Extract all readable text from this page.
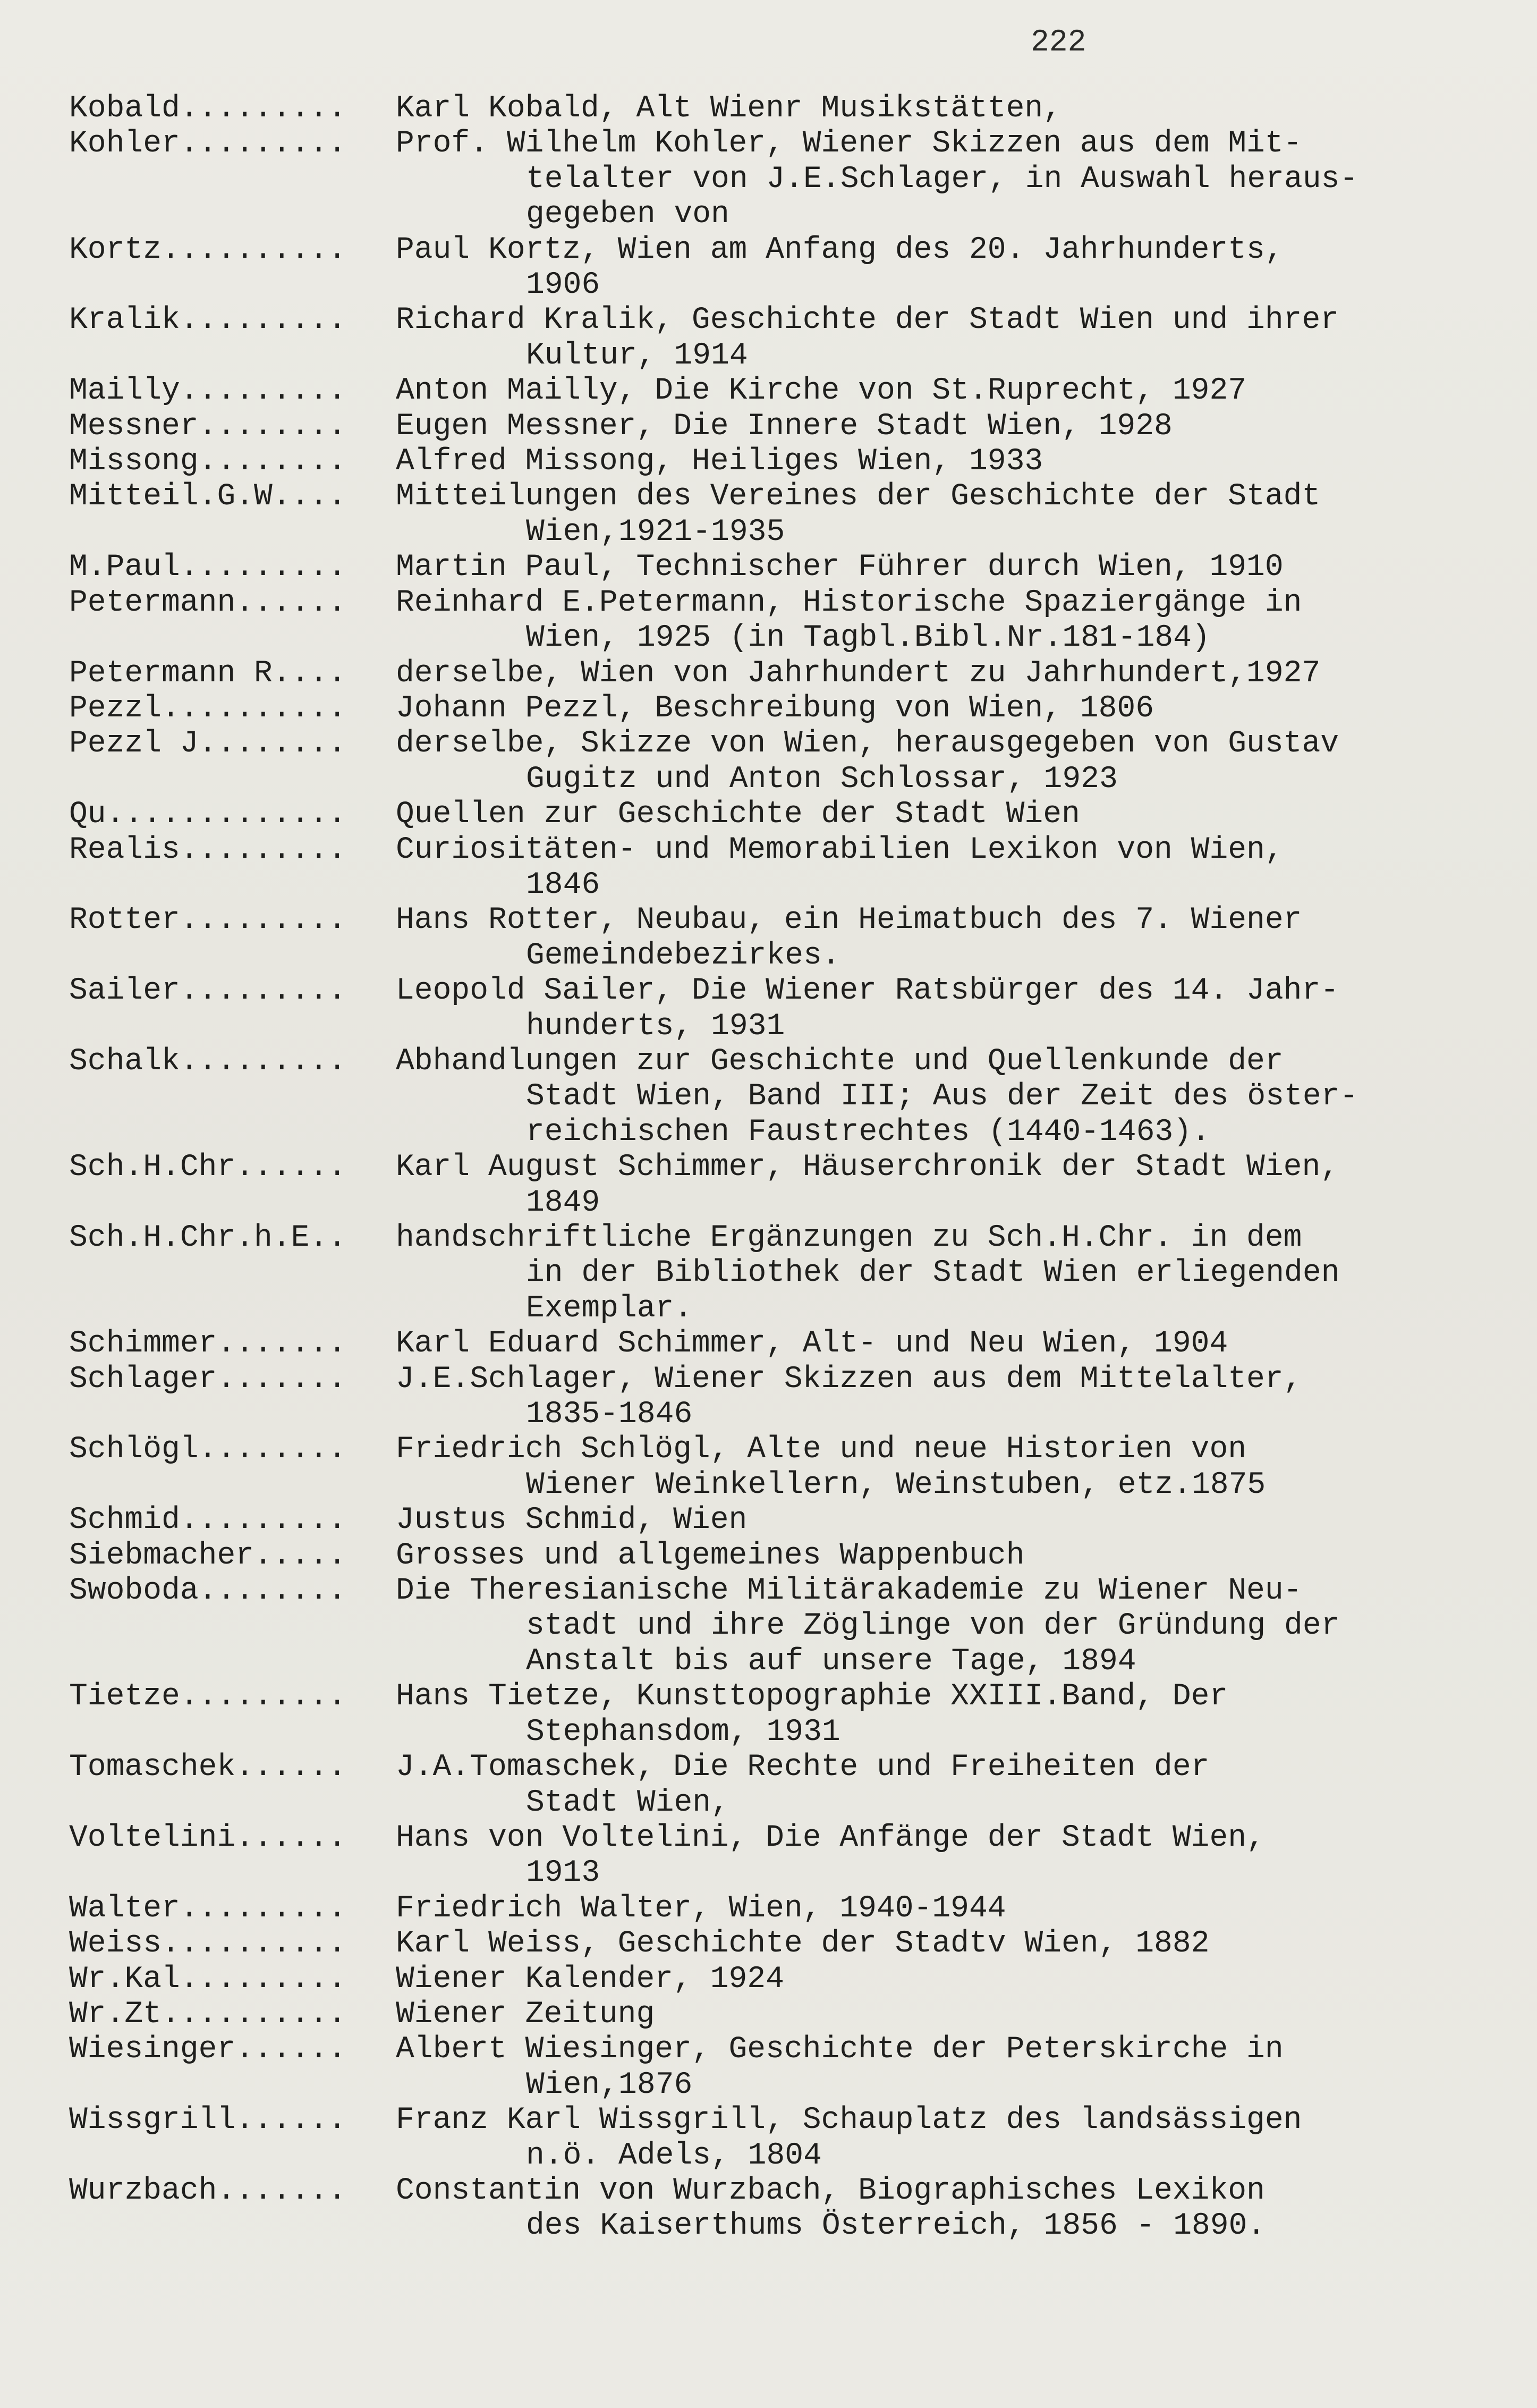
222
Kobald.........	Karl Kobald, Alt Wienr Musikstätten,
Kohler.........	Prof. Wilhelm Kohler, Wiener Skizzen aus dem Mit-
telalter von J.E.Schlager, in Auswahl heraus-
gegeben von
Kortz..........	Paul Kortz, Wien am Anfang des 20. Jahrhunderts,
1906
Kralik.........	Richard Kralik, Geschichte der Stadt Wien und ihrer
Kultur, 1914
Mailly.........	Anton Mailly, Die Kirche von St.Ruprecht, 1927
Messner........	Eugen Messner, Die Innere Stadt Wien, 1928
Missong........	Alfred Missong, Heiliges Wien, 1933
Mitteil.G.W....	Mitteilungen des Vereines der Geschichte der Stadt
Wien,1921-1935
M.Paul.........	Martin Paul, Technischer Führer durch Wien, 1910
Petermann......	Reinhard E.Petermann, Historische Spaziergänge in
Wien, 1925 (in Tagbl.Bibl.Nr.181-184)
Petermann R....	derselbe, Wien von Jahrhundert zu Jahrhundert,1927
Pezzl..........	Johann Pezzl, Beschreibung von Wien, 1806
Pezzl J........	derselbe, Skizze von Wien, herausgegeben von Gustav
Gugitz und Anton Schlossar, 1923
Qu.............	Quellen zur Geschichte der Stadt Wien
Realis.........	Curiositäten- und Memorabilien Lexikon von Wien,
1846
Rotter.........	Hans Rotter, Neubau, ein Heimatbuch des 7. Wiener
Gemeindebezirkes.
Sailer.........	Leopold Sailer, Die Wiener Ratsbürger des 14. Jahr-
hunderts, 1931
Schalk.........	Abhandlungen zur Geschichte und Quellenkunde der
Stadt Wien, Band III; Aus der Zeit des öster-
reichischen Faustrechtes (1440-1463).
Sch.H.Chr......	Karl August Schimmer, Häuserchronik der Stadt Wien,
1849
Sch.H.Chr.h.E..	handschriftliche Ergänzungen zu Sch.H.Chr. in dem
in der Bibliothek der Stadt Wien erliegenden
Exemplar.
Schimmer.......	Karl Eduard Schimmer, Alt- und Neu Wien, 1904
Schlager.......	J.E.Schlager, Wiener Skizzen aus dem Mittelalter,
1835-1846
Schlögl........	Friedrich Schlögl, Alte und neue Historien von
Wiener Weinkellern, Weinstuben, etz.1875
Schmid.........	Justus Schmid, Wien
Siebmacher.....	Grosses und allgemeines Wappenbuch
Swoboda........	Die Theresianische Militärakademie zu Wiener Neu-
stadt und ihre Zöglinge von der Gründung der
Anstalt bis auf unsere Tage, 1894
Tietze.........	Hans Tietze, Kunsttopographie XXIII.Band, Der
Stephansdom, 1931
Tomaschek......	J.A.Tomaschek, Die Rechte und Freiheiten der
Stadt Wien,
Voltelini......	Hans von Voltelini, Die Anfänge der Stadt Wien,
1913
Walter.........	Friedrich Walter, Wien, 1940-1944
Weiss..........	Karl Weiss, Geschichte der Stadtv Wien, 1882
Wr.Kal.........	Wiener Kalender, 1924
Wr.Zt..........	Wiener Zeitung
Wiesinger......	Albert Wiesinger, Geschichte der Peterskirche in
Wien,1876
Wissgrill......	Franz Karl Wissgrill, Schauplatz des landsässigen
n.ö. Adels, 1804
Wurzbach.......	Constantin von Wurzbach, Biographisches Lexikon
des Kaiserthums Österreich, 1856 - 1890.
